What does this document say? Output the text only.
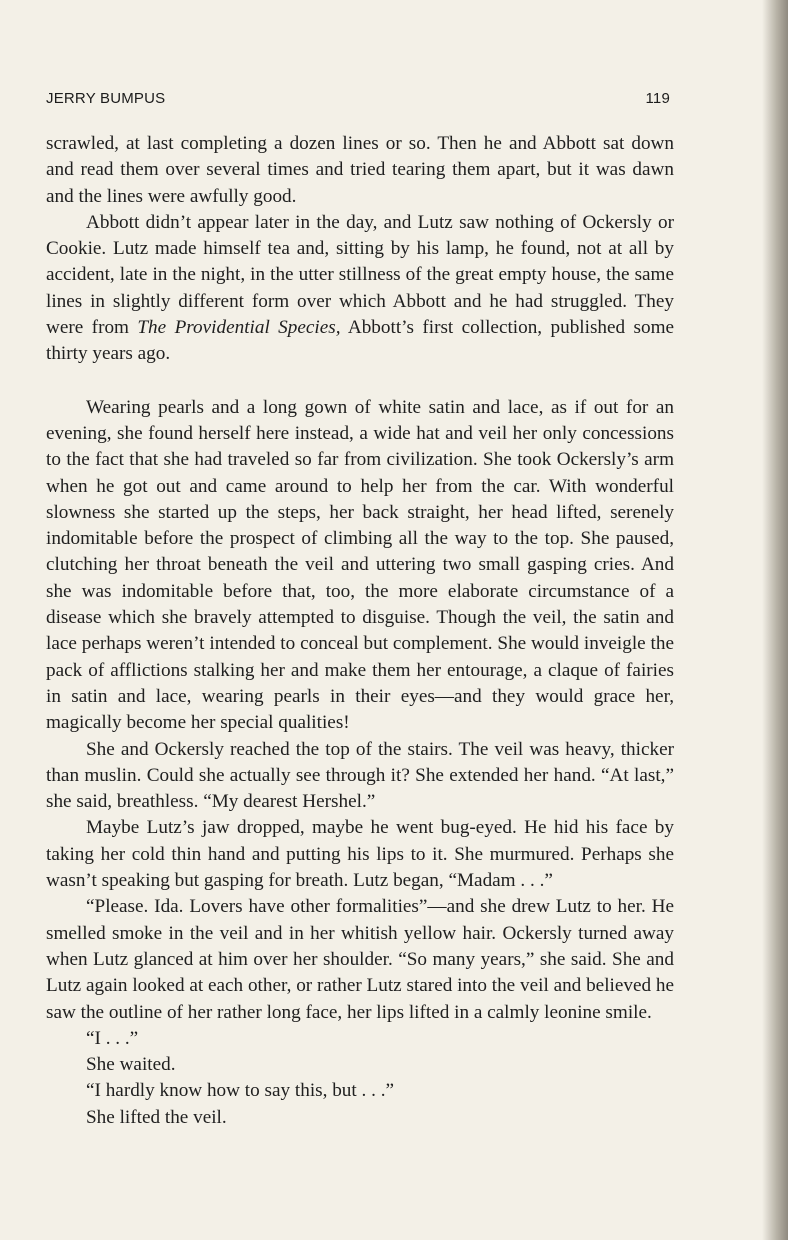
JERRY BUMPUS	119

scrawled, at last completing a dozen lines or so. Then he and Abbott sat down and read them over several times and tried tearing them apart, but it was dawn and the lines were awfully good.

Abbott didn’t appear later in the day, and Lutz saw nothing of Ockersly or Cookie. Lutz made himself tea and, sitting by his lamp, he found, not at all by accident, late in the night, in the utter stillness of the great empty house, the same lines in slightly different form over which Abbott and he had struggled. They were from The Providential Species, Abbott’s first collection, published some thirty years ago.

Wearing pearls and a long gown of white satin and lace, as if out for an evening, she found herself here instead, a wide hat and veil her only concessions to the fact that she had traveled so far from civilization. She took Ockersly’s arm when he got out and came around to help her from the car. With wonderful slowness she started up the steps, her back straight, her head lifted, serenely indomitable before the prospect of climbing all the way to the top. She paused, clutching her throat beneath the veil and uttering two small gasping cries. And she was indomitable before that, too, the more elaborate circumstance of a disease which she bravely attempted to disguise. Though the veil, the satin and lace perhaps weren’t intended to conceal but complement. She would inveigle the pack of afflictions stalking her and make them her entourage, a claque of fairies in satin and lace, wearing pearls in their eyes—and they would grace her, magically become her special qualities!

She and Ockersly reached the top of the stairs. The veil was heavy, thicker than muslin. Could she actually see through it? She extended her hand. “At last,” she said, breathless. “My dearest Hershel.”

Maybe Lutz’s jaw dropped, maybe he went bug-eyed. He hid his face by taking her cold thin hand and putting his lips to it. She murmured. Perhaps she wasn’t speaking but gasping for breath. Lutz began, “Madam . . .”

“Please. Ida. Lovers have other formalities”—and she drew Lutz to her. He smelled smoke in the veil and in her whitish yellow hair. Ockersly turned away when Lutz glanced at him over her shoulder. “So many years,” she said. She and Lutz again looked at each other, or rather Lutz stared into the veil and believed he saw the outline of her rather long face, her lips lifted in a calmly leonine smile.

“I . . .”

She waited.

“I hardly know how to say this, but . . .”

She lifted the veil.
